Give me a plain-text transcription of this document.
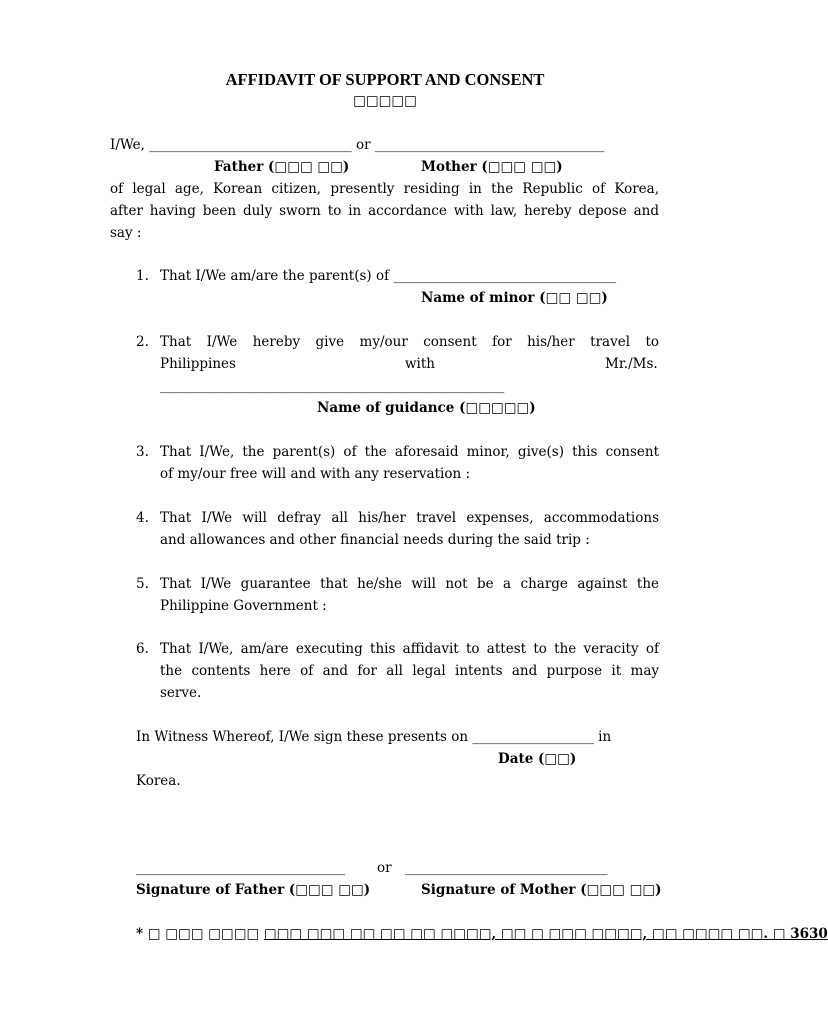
AFFIDAVIT OF SUPPORT AND CONSENT
□□□□□
I/We, ______________________________ or __________________________________
Father (□□□ □□)	Mother (□□□ □□)
of legal age, Korean citizen, presently residing in the Republic of Korea,
after having been duly sworn to in accordance with law, hereby depose and
say :
1. That I/We am/are the parent(s) of _________________________________
Name of minor (□□ □□)
2. That I/We hereby give my/our consent for his/her travel to
Philippines	with	Mr./Ms.
___________________________________________________
Name of guidance (□□□□□)
3. That I/We, the parent(s) of the aforesaid minor, give(s) this consent
of my/our free will and with any reservation :
4. That I/We will defray all his/her travel expenses, accommodations
and allowances and other financial needs during the said trip :
5. That I/We guarantee that he/she will not be a charge against the
Philippine Government :
6. That I/We, am/are executing this affidavit to attest to the veracity of
the contents here of and for all legal intents and purpose it may
serve.
In Witness Whereof, I/We sign these presents on __________________ in
Date (□□)
Korea.
_______________________________ or ______________________________
Signature of Father (□□□ □□)	Signature of Mother (□□□ □□)
* □ □□□ □□□□ □□□ □□□ □□ □□ □□ □□□□, □□ □ □□□ □□□□, □□ □□□□ □□. □ 3630
